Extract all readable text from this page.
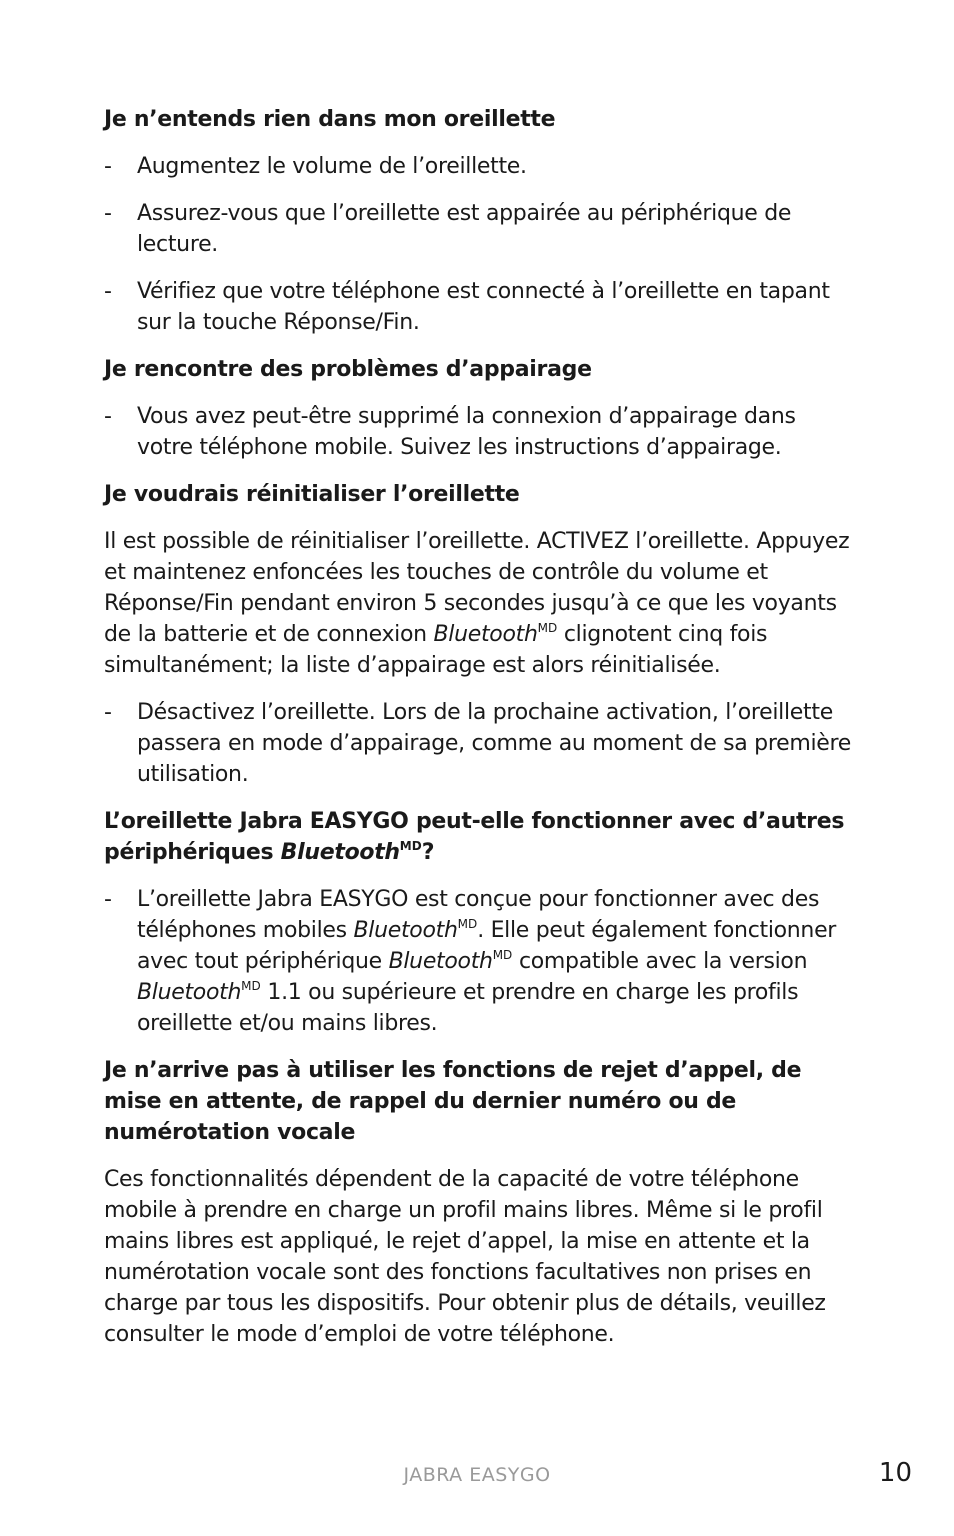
Je n’entends rien dans mon oreillette
- Augmentez le volume de l’oreillette.
- Assurez-vous que l’oreillette est appairée au périphérique de lecture.
- Vérifiez que votre téléphone est connecté à l’oreillette en tapant sur la touche Réponse/Fin.
Je rencontre des problèmes d’appairage
- Vous avez peut-être supprimé la connexion d’appairage dans votre téléphone mobile. Suivez les instructions d’appairage.
Je voudrais réinitialiser l’oreillette
Il est possible de réinitialiser l’oreillette. ACTIVEZ l’oreillette. Appuyez et maintenez enfoncées les touches de contrôle du volume et Réponse/Fin pendant environ 5 secondes jusqu’à ce que les voyants de la batterie et de connexion Bluetooth$^{MD}$ clignotent cinq fois simultanément; la liste d’appairage est alors réinitialisée.
- Désactivez l’oreillette. Lors de la prochaine activation, l’oreillette passera en mode d’appairage, comme au moment de sa première utilisation.
L’oreillette Jabra EASYGO peut-elle fonctionner avec d’autres périphériques Bluetooth$^{MD}$?
- L’oreillette Jabra EASYGO est conçue pour fonctionner avec des téléphones mobiles Bluetooth$^{MD}$. Elle peut également fonctionner avec tout périphérique Bluetooth$^{MD}$ compatible avec la version Bluetooth$^{MD}$ 1.1 ou supérieure et prendre en charge les profils oreillette et/ou mains libres.
Je n’arrive pas à utiliser les fonctions de rejet d’appel, de mise en attente, de rappel du dernier numéro ou de numérotation vocale
Ces fonctionnalités dépendent de la capacité de votre téléphone mobile à prendre en charge un profil mains libres. Même si le profil mains libres est appliqué, le rejet d’appel, la mise en attente et la numérotation vocale sont des fonctions facultatives non prises en charge par tous les dispositifs. Pour obtenir plus de détails, veuillez consulter le mode d’emploi de votre téléphone.
JABRA EASYGO	10
